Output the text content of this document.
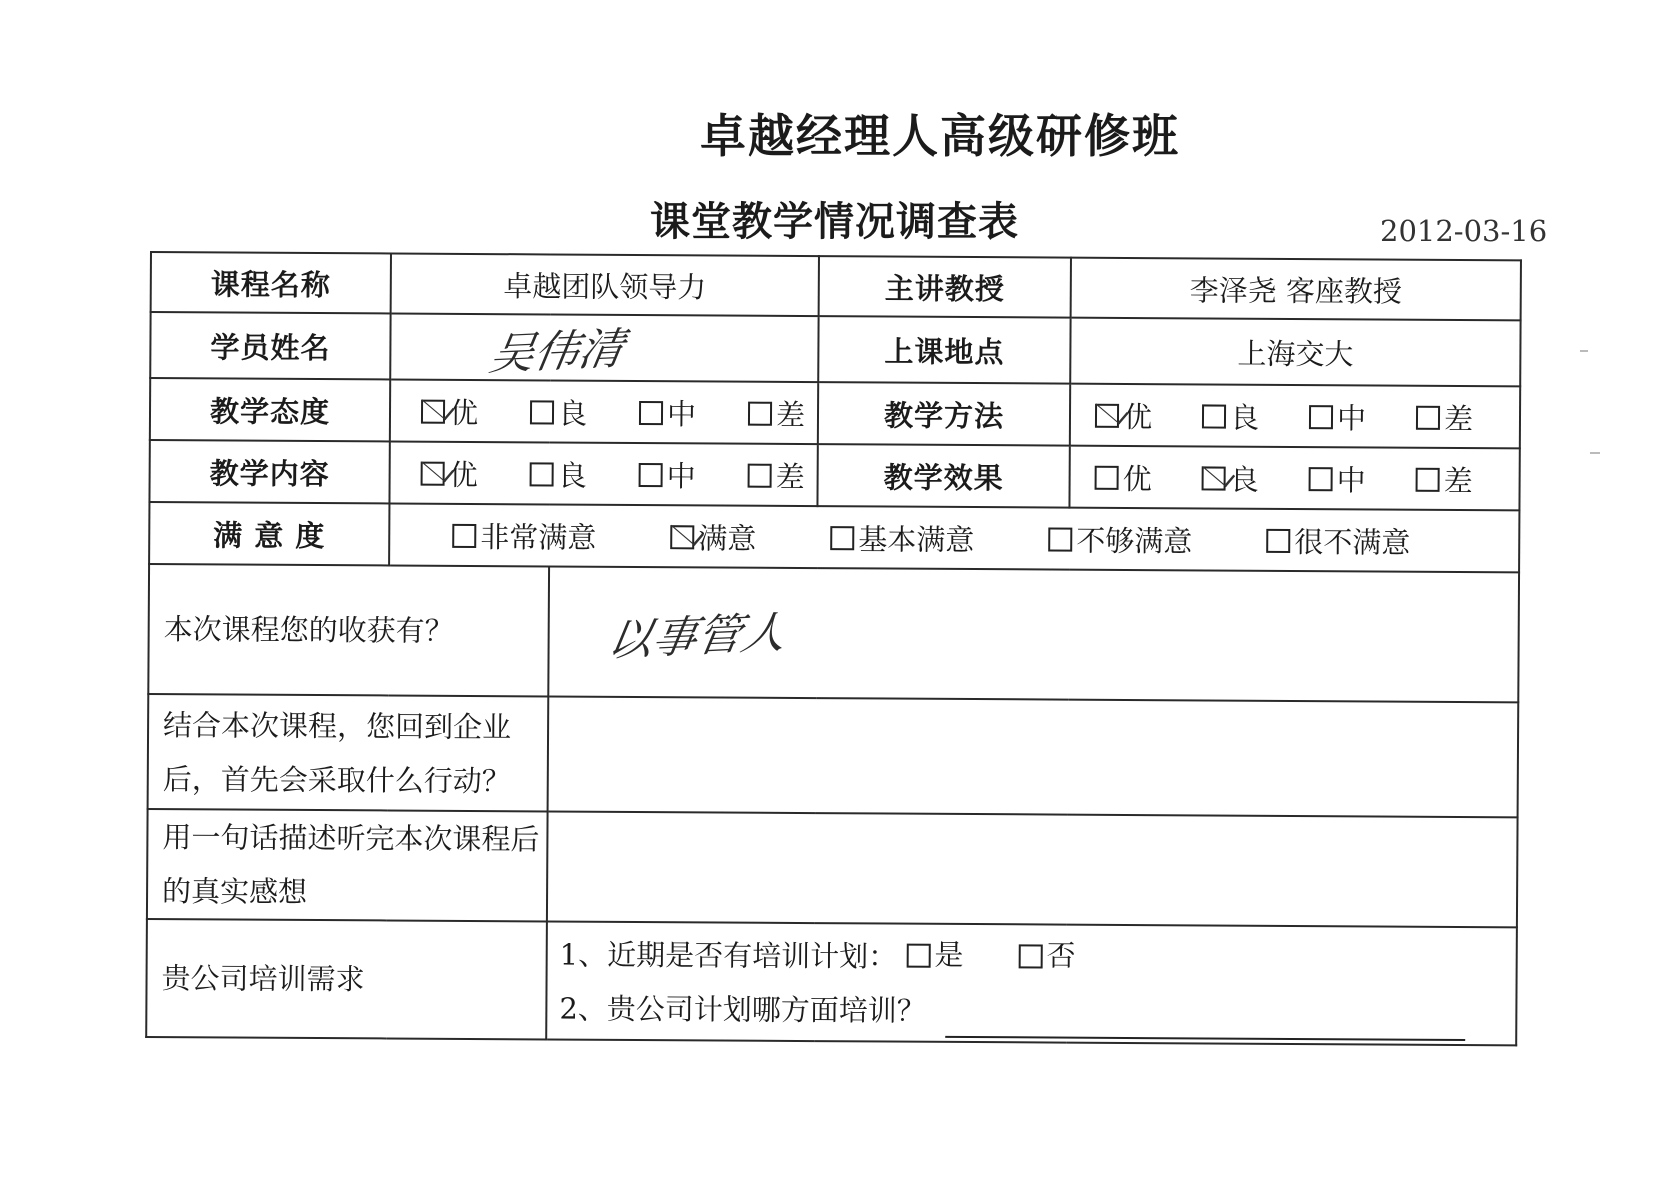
卓越经理人高级研修班
课堂教学情况调查表	2012-03-16
课程名称	卓越团队领导力		主讲教授	李泽尧 客座教授
学员姓名	吴伟清		上课地点	上海交大
教学态度	优 良 中 差		教学方法	优 良 中 差

教学内容	优 良 中 差		教学效果	优 良 中 差

满 意 度	非常满意 满意 基本满意 不够满意 很不满意			

本次课程您的收获有？		以事管人		
结合本次课程，您回到企业后，首先会采取什么行动？				
用一句话描述听完本次课程后的真实感想				
贵公司培训需求		1、近期是否有培训计划： 是
否
2、贵公司计划哪方面培训？		
